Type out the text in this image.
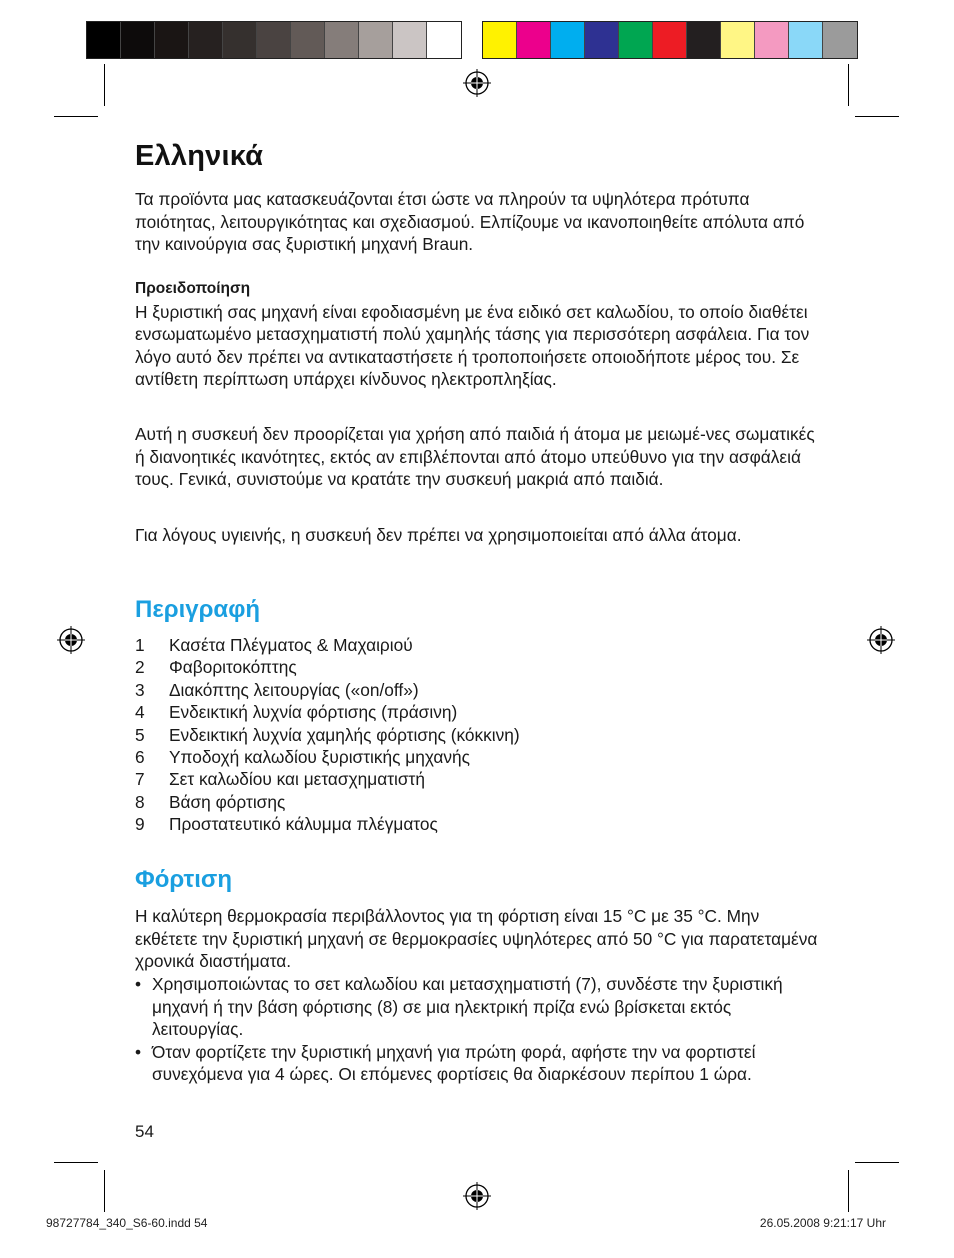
Ελληνικά

Τα προϊόντα μας κατασκευάζονται έτσι ώστε να πληρούν τα υψηλότερα πρότυπα ποιότητας, λειτουργικότητας και σχεδιασμού. Ελπίζουμε να ικανοποιηθείτε απόλυτα από την καινούργια σας ξυριστική μηχανή Braun.

Προειδοποίηση
Η ξυριστική σας μηχανή είναι εφοδιασμένη με ένα ειδικό σετ καλωδίου, το οποίο διαθέτει ενσωματωμένο μετασχηματιστή πολύ χαμηλής τάσης για περισσότερη ασφάλεια. Για τον λόγο αυτό δεν πρέπει να αντικαταστήσετε ή τροποποιήσετε οποιοδήποτε μέρος του. Σε αντίθετη περίπτωση υπάρχει κίνδυνος ηλεκτροπληξίας.

Αυτή η συσκευή δεν προορίζεται για χρήση από παιδιά ή άτομα με μειωμέ-νες σωματικές ή διανοητικές ικανότητες, εκτός αν επιβλέπονται από άτομο υπεύθυνο για την ασφάλειά τους. Γενικά, συνιστούμε να κρατάτε την συσκευή μακριά από παιδιά.

Για λόγους υγιεινής, η συσκευή δεν πρέπει να χρησιμοποιείται από άλλα άτομα.

Περιγραφή
1	Κασέτα Πλέγματος & Μαχαιριού
2	Φαβοριτοκόπτης
3	Διακόπτης λειτουργίας («on/off»)
4	Ενδεικτική λυχνία φόρτισης (πράσινη)
5	Ενδεικτική λυχνία χαμηλής φόρτισης (κόκκινη)
6	Υποδοχή καλωδίου ξυριστικής μηχανής
7	Σετ καλωδίου και μετασχηματιστή
8	Βάση φόρτισης
9	Προστατευτικό κάλυμμα πλέγματος
Φόρτιση

Η καλύτερη θερμοκρασία περιβάλλοντος για τη φόρτιση είναι 15 °C με 35 °C. Μην εκθέτετε την ξυριστική μηχανή σε θερμοκρασίες υψηλότερες από 50 °C για παρατεταμένα χρονικά διαστήματα.

• Χρησιμοποιώντας το σετ καλωδίου και μετασχηματιστή (7), συνδέστε την ξυριστική μηχανή ή την βάση φόρτισης (8) σε μια ηλεκτρική πρίζα ενώ βρίσκεται εκτός λειτουργίας.
• Όταν φορτίζετε την ξυριστική μηχανή για πρώτη φορά, αφήστε την να φορτιστεί συνεχόμενα για 4 ώρες. Οι επόμενες φορτίσεις θα διαρκέσουν περίπου 1 ώρα.
54
98727784_340_S6-60.indd 54	26.05.2008 9:21:17 Uhr
